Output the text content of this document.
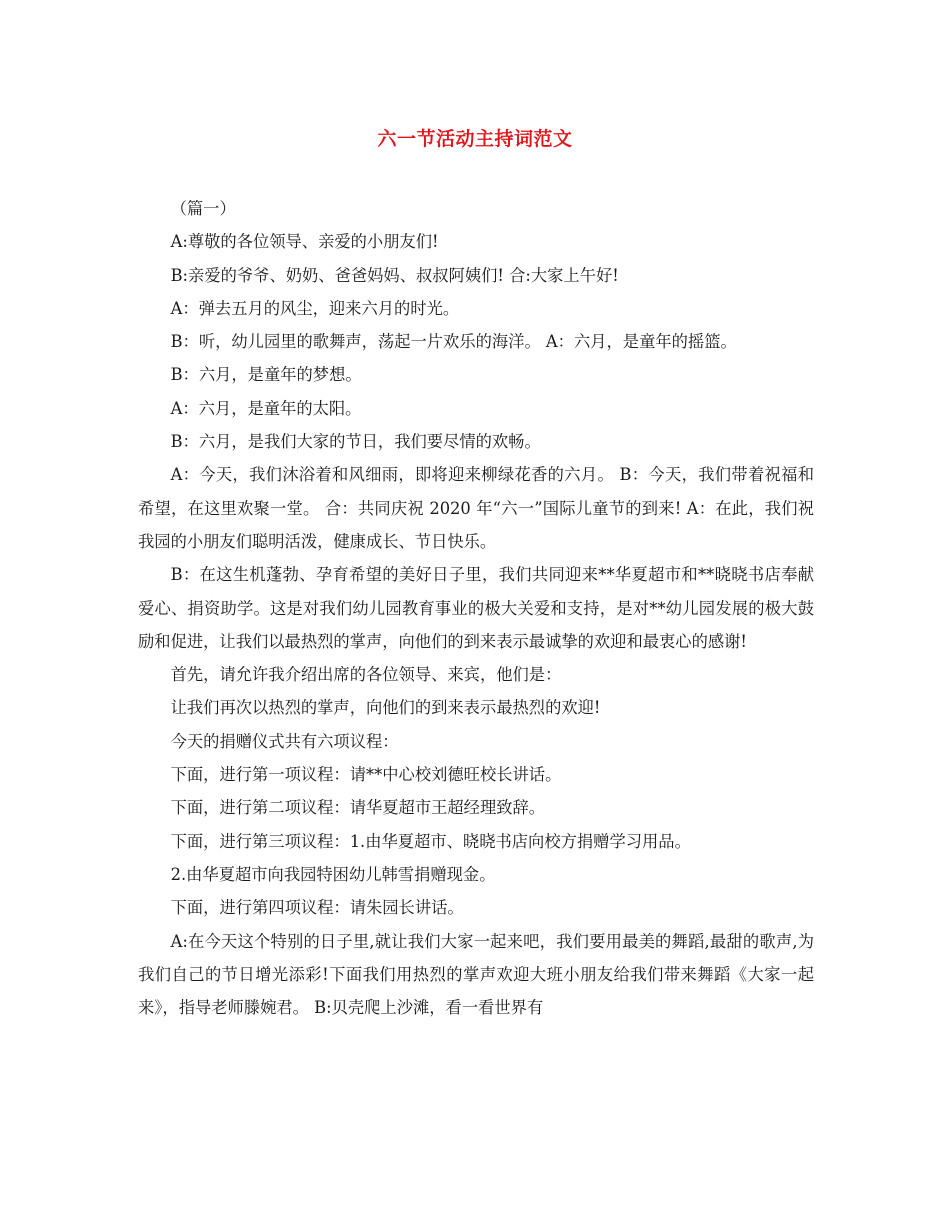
六一节活动主持词范文

（篇一）

A:尊敬的各位领导、亲爱的小朋友们!

B:亲爱的爷爷、奶奶、爸爸妈妈、叔叔阿姨们! 合:大家上午好!

A：弹去五月的风尘，迎来六月的时光。

B：听，幼儿园里的歌舞声，荡起一片欢乐的海洋。 A：六月，是童年的摇篮。

B：六月，是童年的梦想。

A：六月，是童年的太阳。

B：六月，是我们大家的节日，我们要尽情的欢畅。

A：今天，我们沐浴着和风细雨，即将迎来柳绿花香的六月。 B：今天，我们带着祝福和希望，在这里欢聚一堂。 合：共同庆祝 2020 年“六一”国际儿童节的到来! A：在此，我们祝我园的小朋友们聪明活泼，健康成长、节日快乐。

B：在这生机蓬勃、孕育希望的美好日子里，我们共同迎来**华夏超市和**晓晓书店奉献爱心、捐资助学。这是对我们幼儿园教育事业的极大关爱和支持，是对**幼儿园发展的极大鼓励和促进，让我们以最热烈的掌声，向他们的到来表示最诚挚的欢迎和最衷心的感谢!

首先，请允许我介绍出席的各位领导、来宾，他们是：

让我们再次以热烈的掌声，向他们的到来表示最热烈的欢迎!

今天的捐赠仪式共有六项议程：

下面，进行第一项议程：请**中心校刘德旺校长讲话。

下面，进行第二项议程：请华夏超市王超经理致辞。

下面，进行第三项议程：1.由华夏超市、晓晓书店向校方捐赠学习用品。

2.由华夏超市向我园特困幼儿韩雪捐赠现金。

下面，进行第四项议程：请朱园长讲话。

A:在今天这个特别的日子里,就让我们大家一起来吧，我们要用最美的舞蹈,最甜的歌声,为我们自己的节日增光添彩!下面我们用热烈的掌声欢迎大班小朋友给我们带来舞蹈《大家一起来》，指导老师滕婉君。 B:贝壳爬上沙滩，看一看世界有
